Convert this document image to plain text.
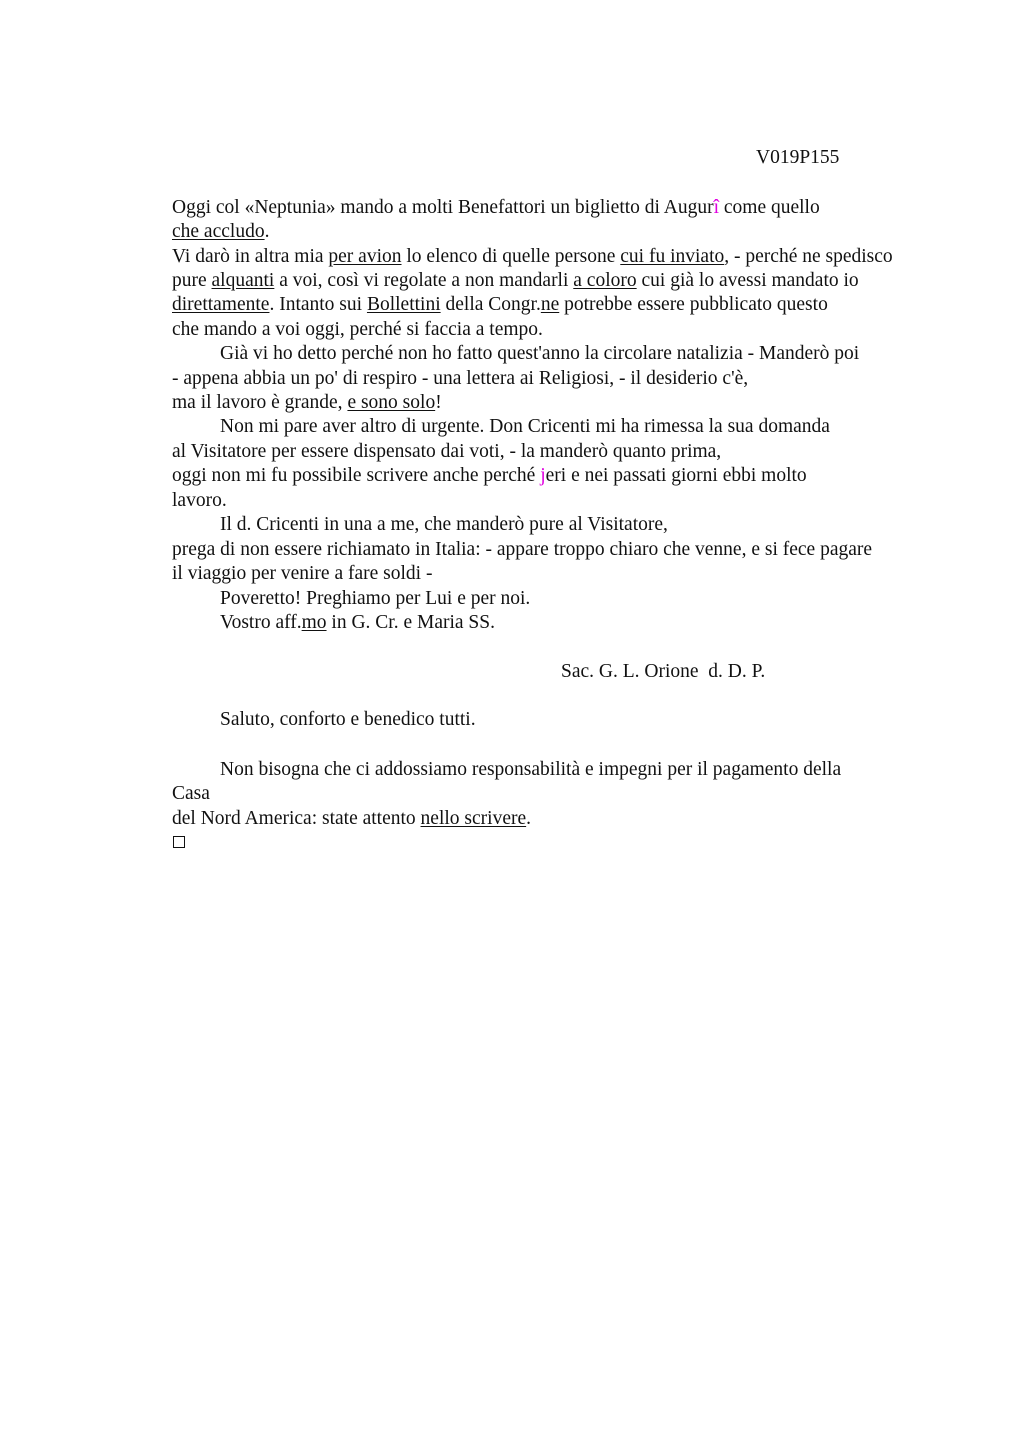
V019P155
Oggi col «Neptunia» mando a molti Benefattori un biglietto di Augurî come quello
che accludo.
Vi darò in altra mia per avion lo elenco di quelle persone cui fu inviato, - perché ne spedisco
pure alquanti a voi, così vi regolate a non mandarli a coloro cui già lo avessi mandato io
direttamente. Intanto sui Bollettini della Congr.ne potrebbe essere pubblicato questo
che mando a voi oggi, perché si faccia a tempo.
Già vi ho detto perché non ho fatto quest'anno la circolare natalizia - Manderò poi
- appena abbia un po' di respiro - una lettera ai Religiosi, - il desiderio c'è,
ma il lavoro è grande, e sono solo!
Non mi pare aver altro di urgente. Don Cricenti mi ha rimessa la sua domanda
al Visitatore per essere dispensato dai voti, - la manderò quanto prima,
oggi non mi fu possibile scrivere anche perché jeri e nei passati giorni ebbi molto
lavoro.
Il d. Cricenti in una a me, che manderò pure al Visitatore,
prega di non essere richiamato in Italia: - appare troppo chiaro che venne, e si fece pagare
il viaggio per venire a fare soldi -
Poveretto! Preghiamo per Lui e per noi.
Vostro aff.mo in G. Cr. e Maria SS.
Sac. G. L. Orione  d. D. P.
Saluto, conforto e benedico tutti.
Non bisogna che ci addossiamo responsabilità e impegni per il pagamento della
Casa
del Nord America: state attento nello scrivere.
